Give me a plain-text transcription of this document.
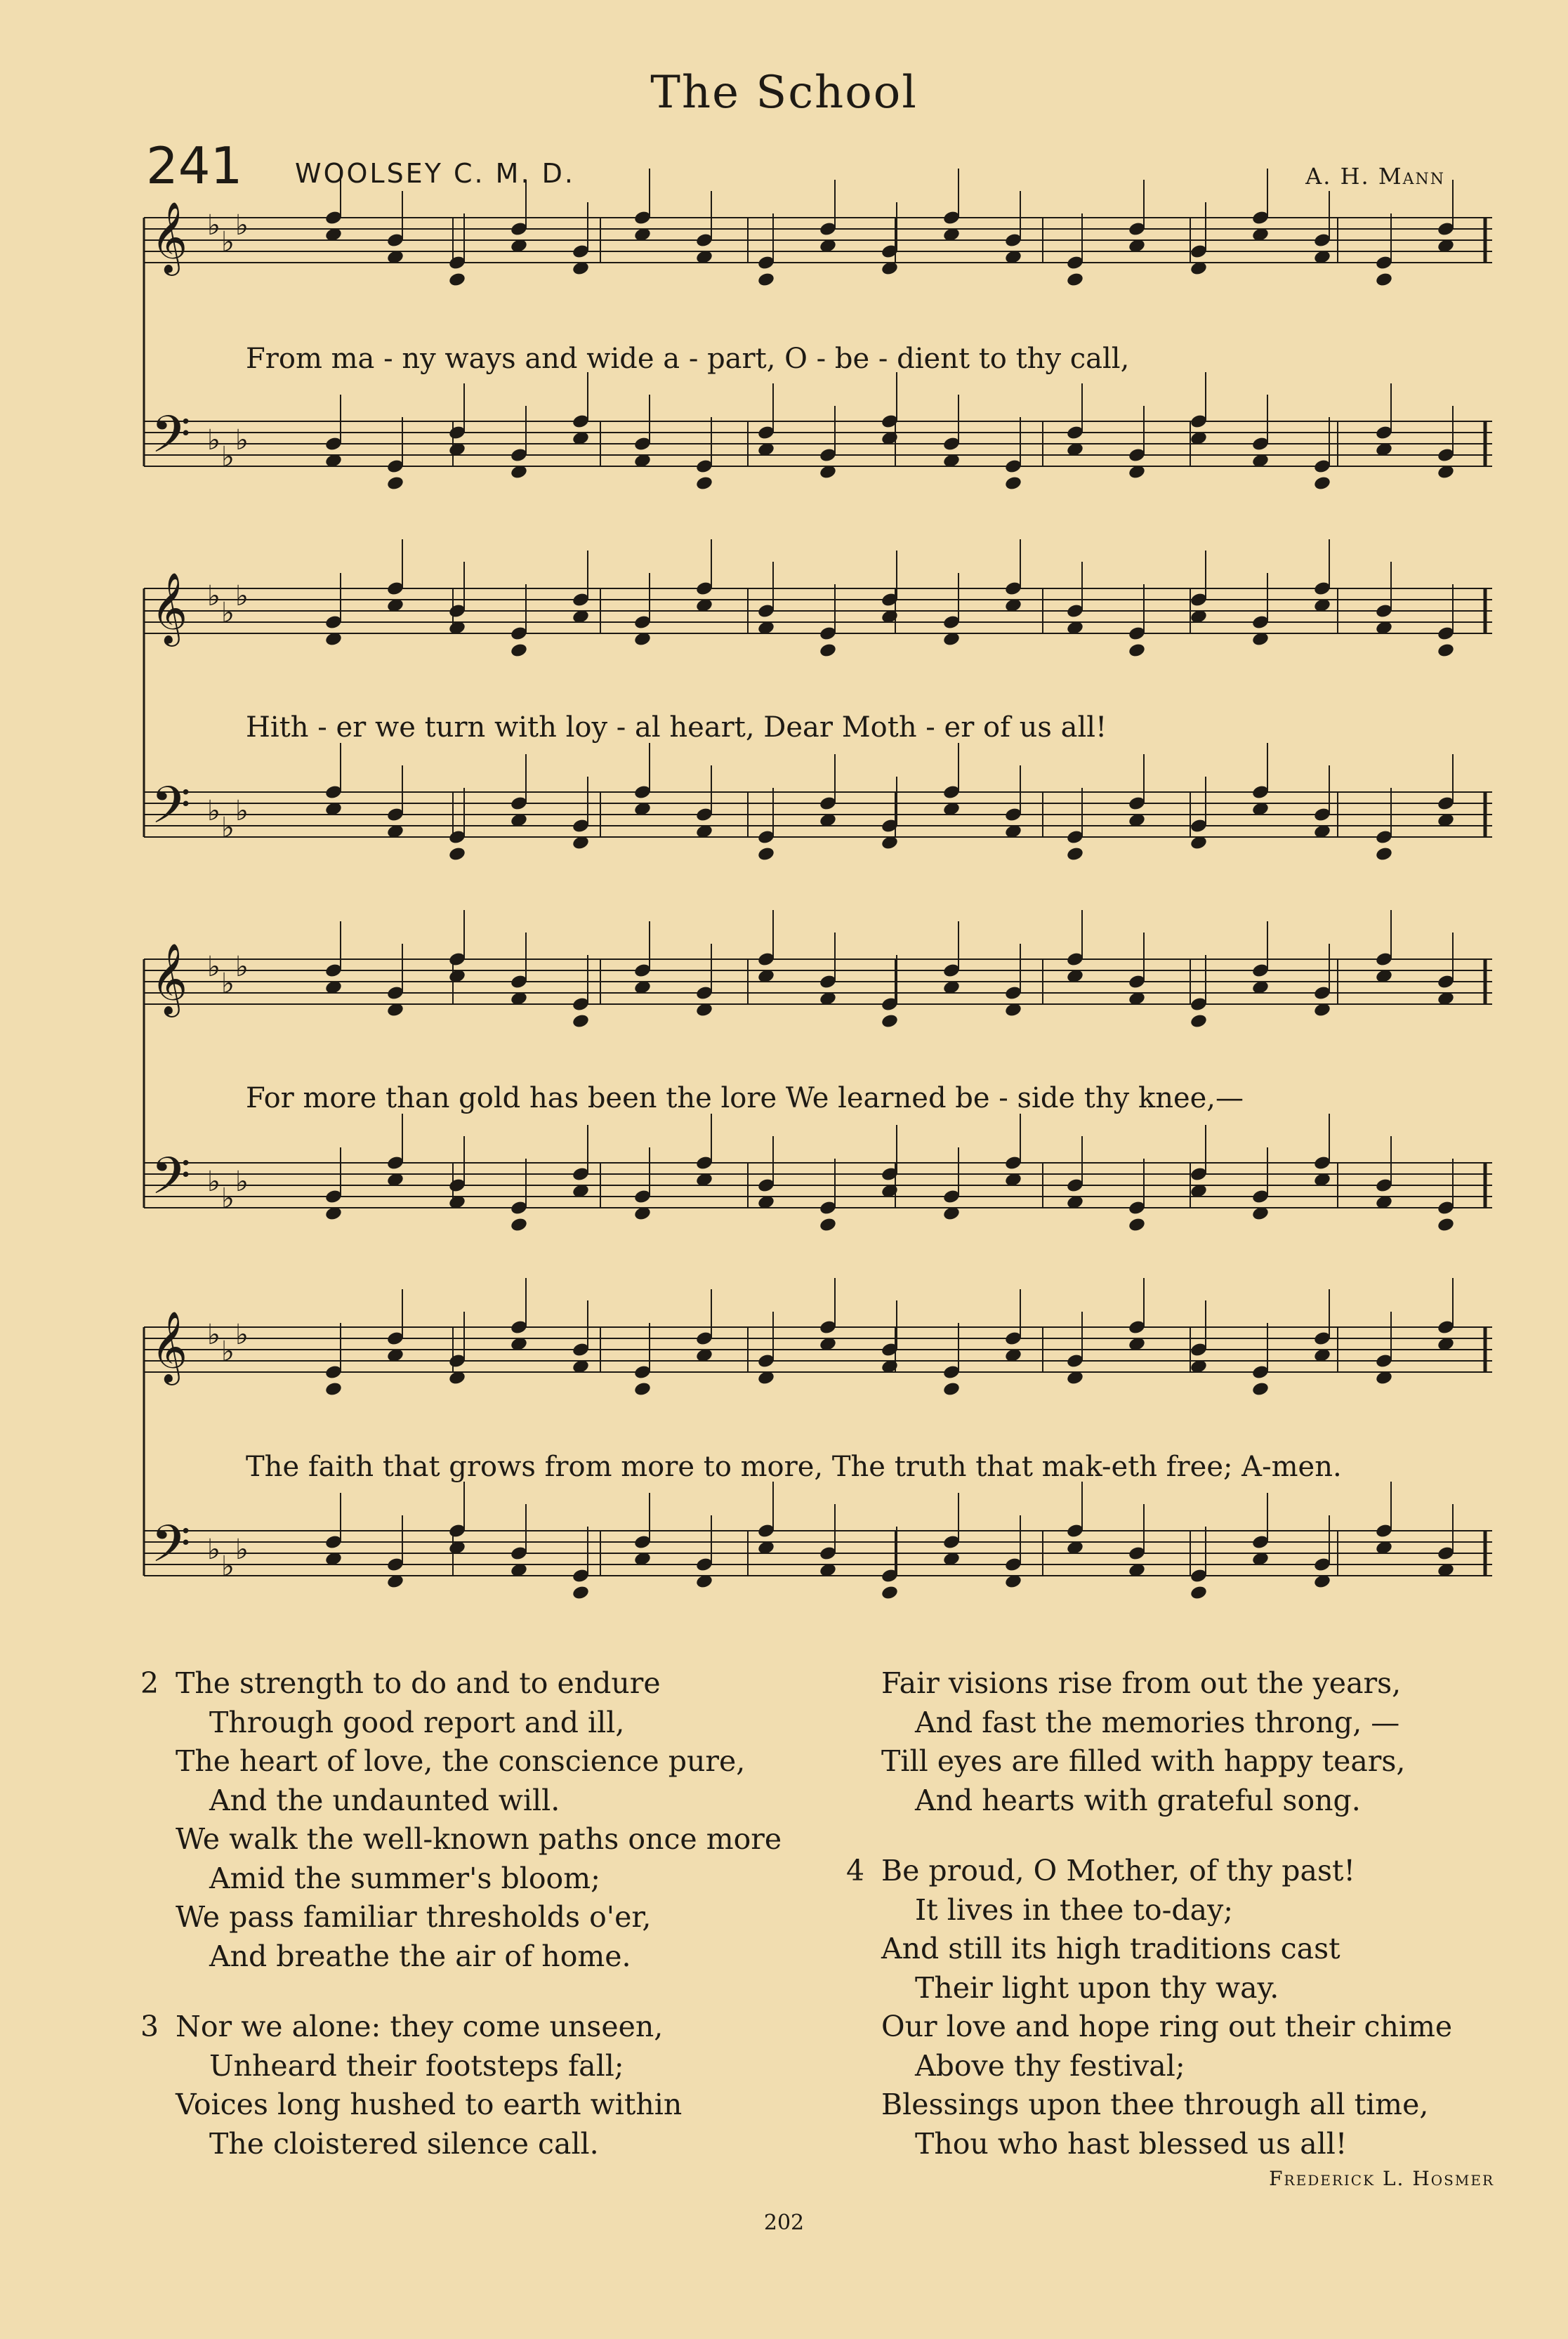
The School
241 WOOLSEY C. M. D.	A. H. Mann
𝄞 ♭
♭
♭
𝄢 ♭
♭
♭
𝄞 ♭
♭
♭
𝄢 ♭
♭
♭
𝄞 ♭
♭
♭
𝄢 ♭
♭
♭
𝄞 ♭
♭
♭
𝄢 ♭
♭
♭
From ma - ny ways and wide a - part, O - be - dient to thy call,
Hith - er we turn with loy - al heart, Dear Moth - er of us all!
For more than gold has been the lore We learned be - side thy knee,—
The faith that grows from more to more, The truth that mak-eth free; A-men.
2 The strength to do and to endure
Through good report and ill,
The heart of love, the conscience pure,
And the undaunted will.
We walk the well-known paths once more
Amid the summer's bloom;
We pass familiar thresholds o'er,
And breathe the air of home.
3 Nor we alone: they come unseen,
Unheard their footsteps fall;
Voices long hushed to earth within
The cloistered silence call.
Fair visions rise from out the years,
And fast the memories throng, —
Till eyes are filled with happy tears,
And hearts with grateful song.
4 Be proud, O Mother, of thy past!
It lives in thee to-day;
And still its high traditions cast
Their light upon thy way.
Our love and hope ring out their chime
Above thy festival;
Blessings upon thee through all time,
Thou who hast blessed us all!
Frederick L. Hosmer
202
